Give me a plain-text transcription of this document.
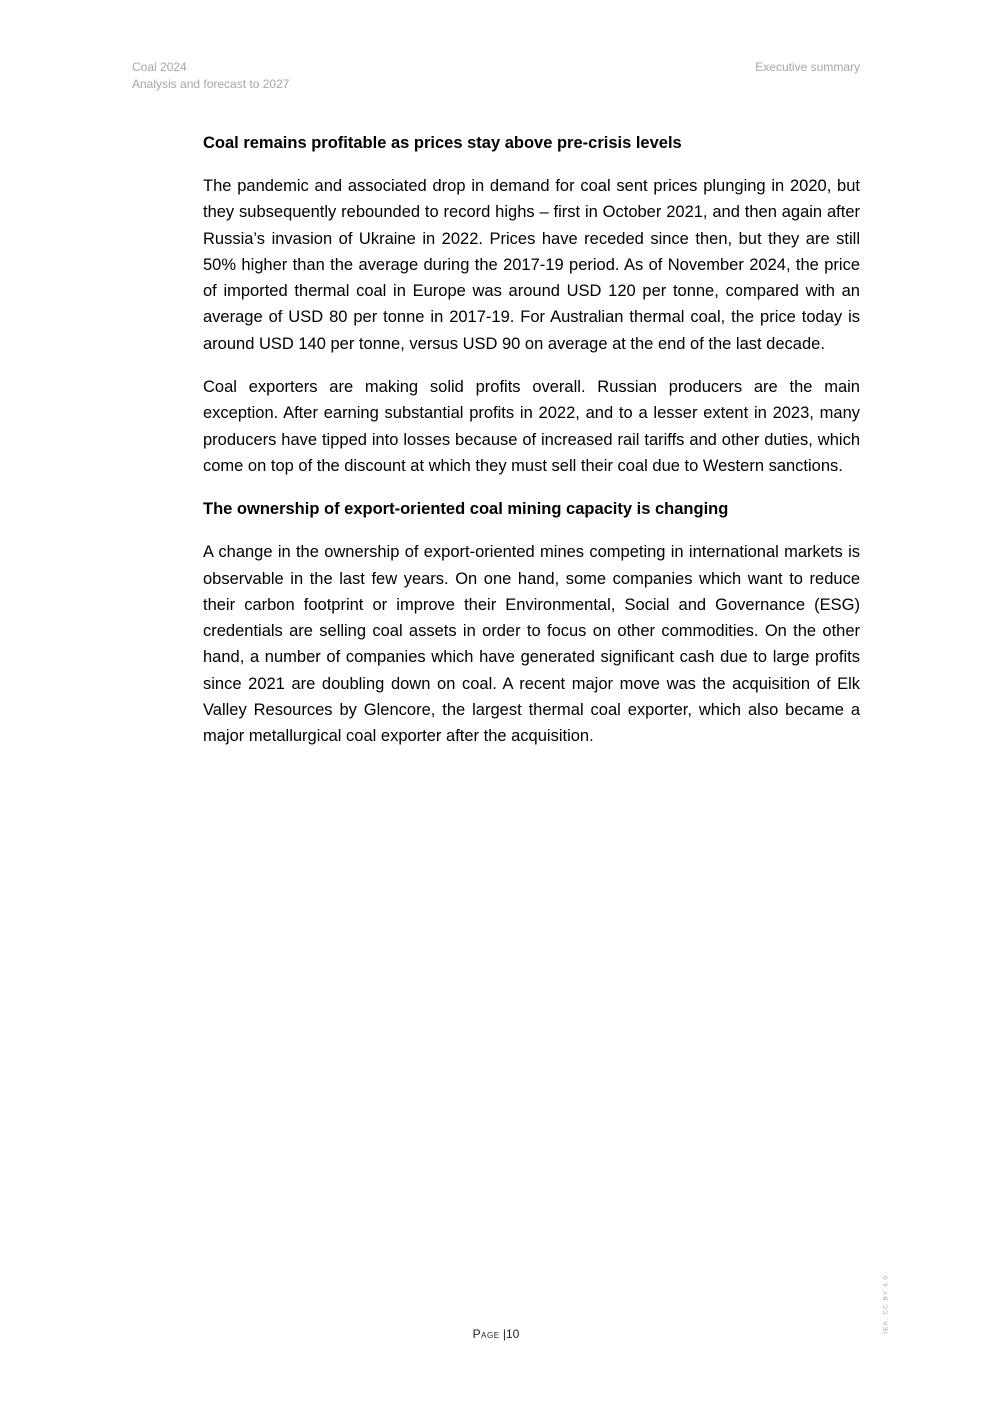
Coal 2024
Analysis and forecast to 2027
Executive summary
Coal remains profitable as prices stay above pre-crisis levels

The pandemic and associated drop in demand for coal sent prices plunging in 2020, but they subsequently rebounded to record highs – first in October 2021, and then again after Russia’s invasion of Ukraine in 2022. Prices have receded since then, but they are still 50% higher than the average during the 2017-19 period. As of November 2024, the price of imported thermal coal in Europe was around USD 120 per tonne, compared with an average of USD 80 per tonne in 2017-19. For Australian thermal coal, the price today is around USD 140 per tonne, versus USD 90 on average at the end of the last decade.

Coal exporters are making solid profits overall. Russian producers are the main exception. After earning substantial profits in 2022, and to a lesser extent in 2023, many producers have tipped into losses because of increased rail tariffs and other duties, which come on top of the discount at which they must sell their coal due to Western sanctions.

The ownership of export-oriented coal mining capacity is changing

A change in the ownership of export-oriented mines competing in international markets is observable in the last few years. On one hand, some companies which want to reduce their carbon footprint or improve their Environmental, Social and Governance (ESG) credentials are selling coal assets in order to focus on other commodities. On the other hand, a number of companies which have generated significant cash due to large profits since 2021 are doubling down on coal. A recent major move was the acquisition of Elk Valley Resources by Glencore, the largest thermal coal exporter, which also became a major metallurgical coal exporter after the acquisition.

Page |10
IEA. CC BY 4.0.
